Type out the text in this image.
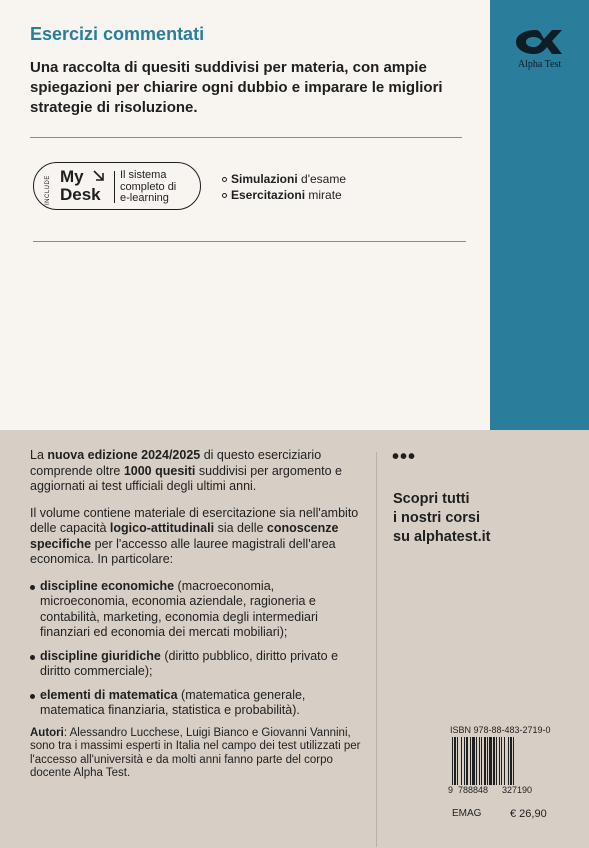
Alpha Test
Esercizi commentati
Una raccolta di quesiti suddivisi per materia, con ampie spiegazioni per chiarire ogni dubbio e imparare le migliori strategie di risoluzione.
INCLUDE My
Desk
Il sistema
completo di
e-learning
Simulazioni d'esame
Esercitazioni mirate
La nuova edizione 2024/2025 di questo eserciziario comprende oltre 1000 quesiti suddivisi per argomento e aggiornati ai test ufficiali degli ultimi anni.
Il volume contiene materiale di esercitazione sia nell'ambito delle capacità logico-attitudinali sia delle conoscenze specifiche per l'accesso alle lauree magistrali dell'area economica. In particolare:
discipline economiche (macroeconomia, microeconomia, economia aziendale, ragioneria e contabilità, marketing, economia degli intermediari finanziari ed economia dei mercati mobiliari);
discipline giuridiche (diritto pubblico, diritto privato e diritto commerciale);
elementi di matematica (matematica generale, matematica finanziaria, statistica e probabilità).
Autori: Alessandro Lucchese, Luigi Bianco e Giovanni Vannini, sono tra i massimi esperti in Italia nel campo dei test utilizzati per l'accesso all'università e da molti anni fanno parte del corpo docente Alpha Test.
•••
Scopri tutti
i nostri corsi
su alphatest.it
ISBN 978-88-483-2719-0
9 788848 327190
EMAG	€ 26,90
